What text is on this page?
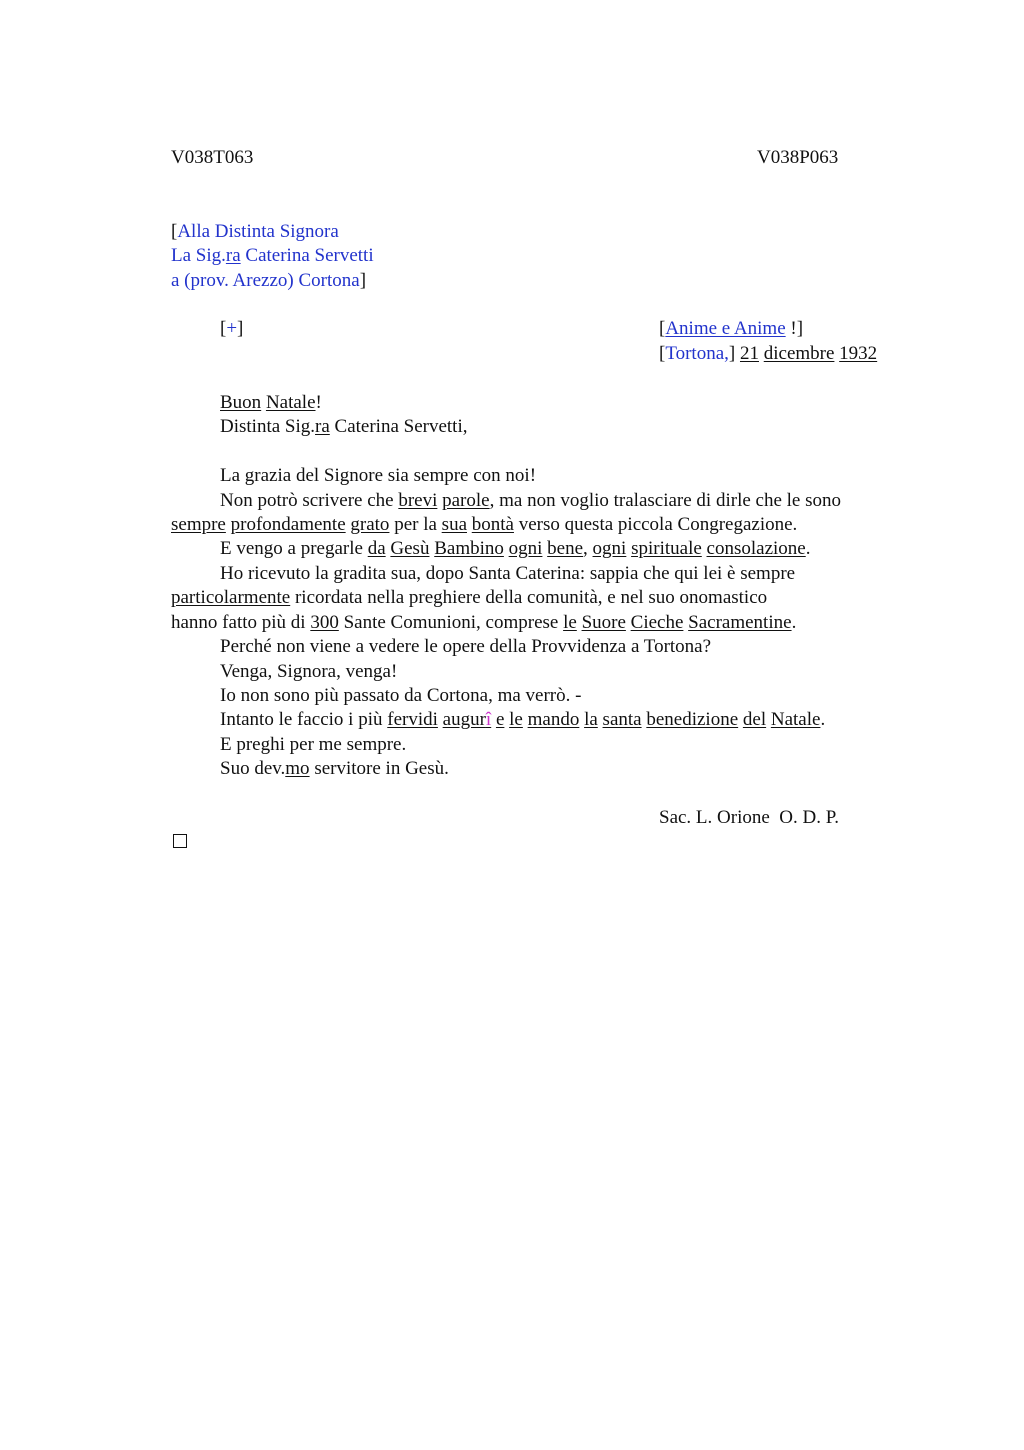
V038T063	V038P063
[Alla Distinta Signora
La Sig.ra Caterina Servetti
a (prov. Arezzo) Cortona]
[+]	[Anime e Anime !]
[Tortona,] 21 dicembre 1932
Buon Natale!
Distinta Sig.ra Caterina Servetti,
La grazia del Signore sia sempre con noi!
Non potrò scrivere che brevi parole, ma non voglio tralasciare di dirle che le sono
sempre profondamente grato per la sua bontà verso questa piccola Congregazione.
E vengo a pregarle da Gesù Bambino ogni bene, ogni spirituale consolazione.
Ho ricevuto la gradita sua, dopo Santa Caterina: sappia che qui lei è sempre
particolarmente ricordata nella preghiere della comunità, e nel suo onomastico
hanno fatto più di 300 Sante Comunioni, comprese le Suore Cieche Sacramentine.
Perché non viene a vedere le opere della Provvidenza a Tortona?
Venga, Signora, venga!
Io non sono più passato da Cortona, ma verrò. -
Intanto le faccio i più fervidi augurî e le mando la santa benedizione del Natale.
E preghi per me sempre.
Suo dev.mo servitore in Gesù.
Sac. L. Orione  O. D. P.
